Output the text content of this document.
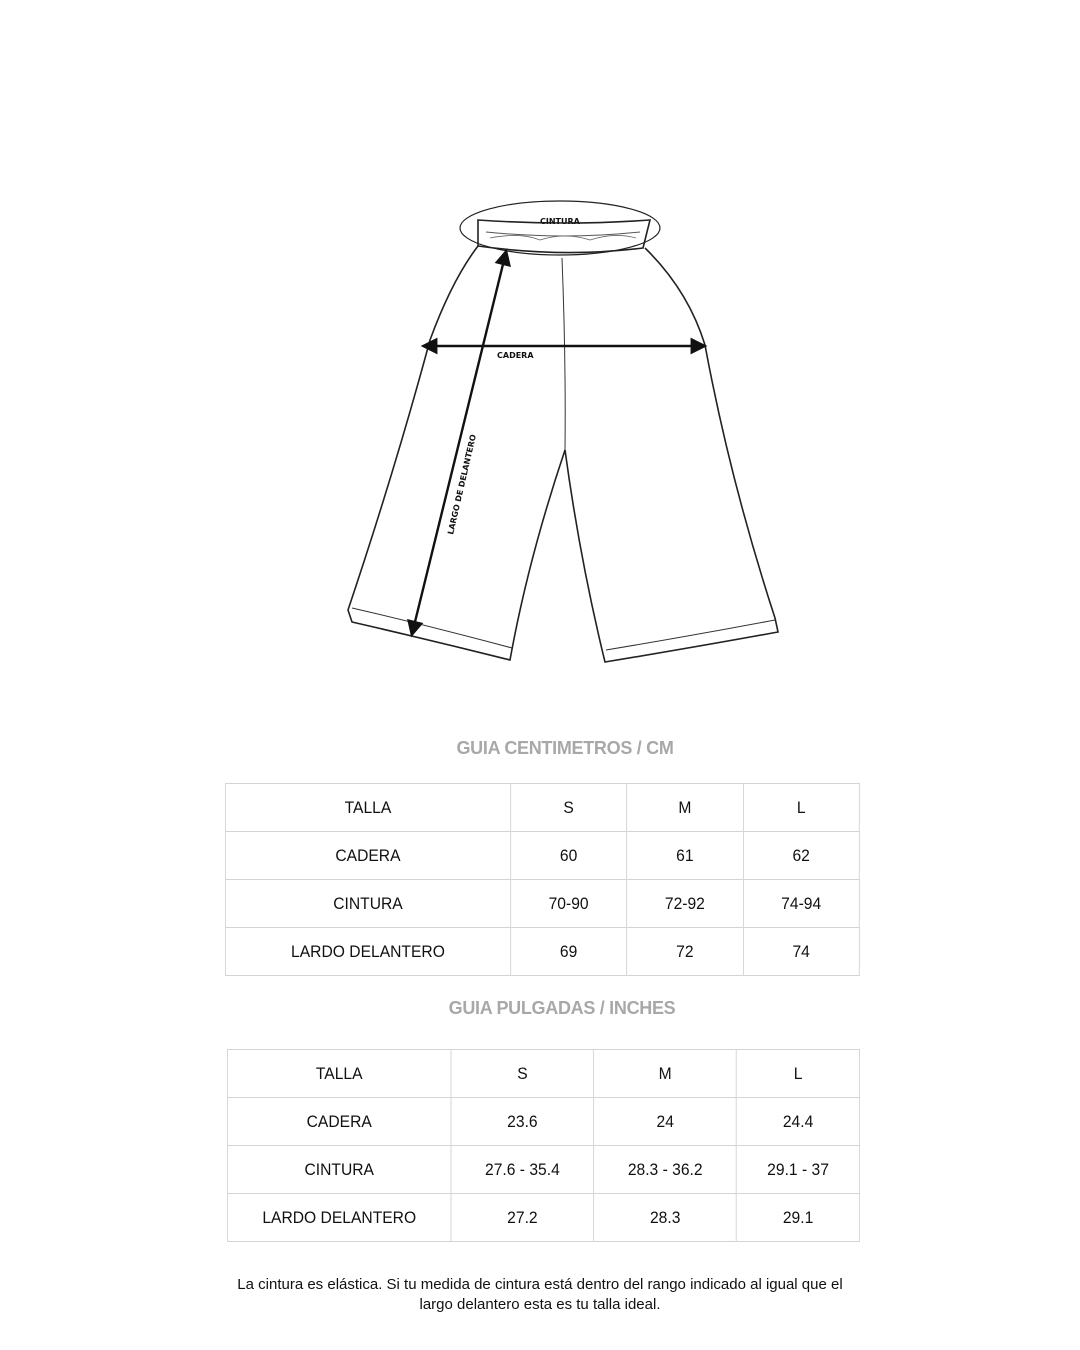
CINTURA
CADERA
LARGO DE DELANTERO
GUIA CENTIMETROS / CM
TALLA	S	M	L
CADERA	60	61	62
CINTURA	70-90	72-92	74-94
LARDO DELANTERO	69	72	74
GUIA PULGADAS / INCHES
TALLA	S	M	L
CADERA	23.6	24	24.4
CINTURA	27.6 - 35.4	28.3 - 36.2	29.1 - 37
LARDO DELANTERO	27.2	28.3	29.1
La cintura es elástica. Si tu medida de cintura está dentro del rango indicado al igual que el
largo delantero esta es tu talla ideal.
